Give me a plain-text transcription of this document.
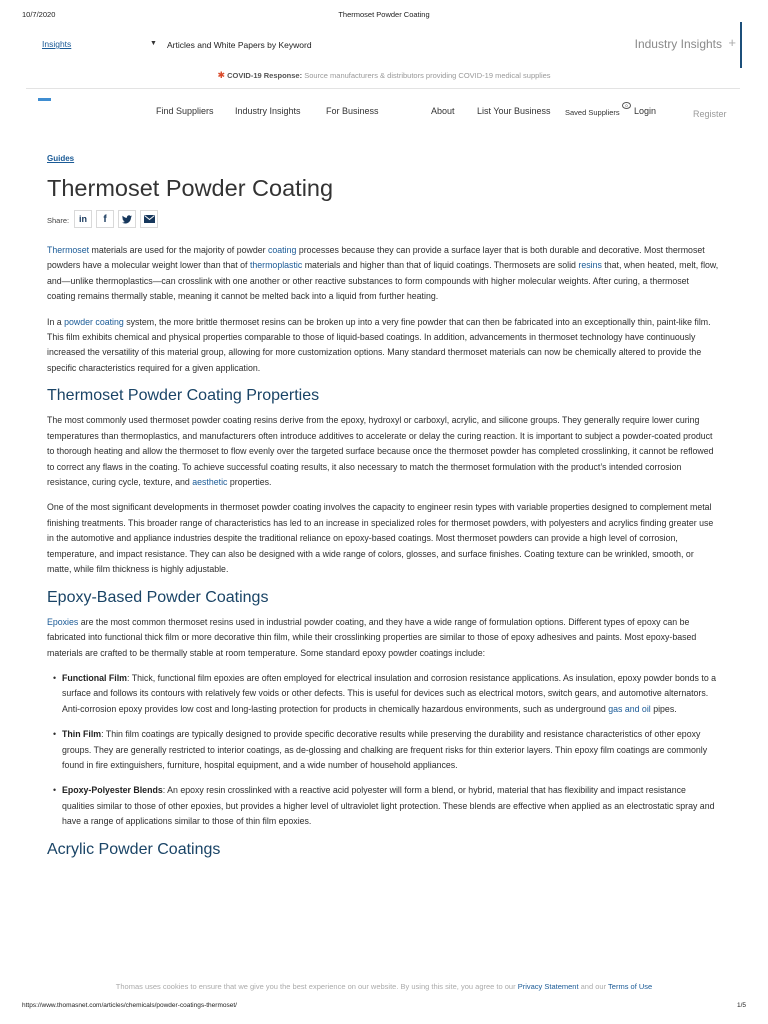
10/7/2020	Thermoset Powder Coating
Insights	▼ Articles and White Papers by Keyword	Industry Insights +
✱ COVID-19 Response: Source manufacturers & distributors providing COVID-19 medical supplies
Find Suppliers Industry Insights	For Business	About List Your Business Saved Suppliers
0
Login	Register
Guides
Thermoset Powder Coating
Share:	in	f

Thermoset materials are used for the majority of powder coating processes because they can provide a surface layer that is both durable and decorative. Most thermoset powders have a molecular weight lower than that of thermoplastic materials and higher than that of liquid coatings. Thermosets are solid resins that, when heated, melt, flow, and—unlike thermoplastics—can crosslink with one another or other reactive substances to form compounds with higher molecular weights. After curing, a thermoset coating remains thermally stable, meaning it cannot be melted back into a liquid from further heating.

In a powder coating system, the more brittle thermoset resins can be broken up into a very fine powder that can then be fabricated into an exceptionally thin, paint-like film. This film exhibits chemical and physical properties comparable to those of liquid-based coatings. In addition, advancements in thermoset technology have continuously increased the versatility of this material group, allowing for more customization options. Many standard thermoset materials can now be chemically altered to provide the specific characteristics required for a given application.

Thermoset Powder Coating Properties

The most commonly used thermoset powder coating resins derive from the epoxy, hydroxyl or carboxyl, acrylic, and silicone groups. They generally require lower curing temperatures than thermoplastics, and manufacturers often introduce additives to accelerate or delay the curing reaction. It is important to subject a powder-coated product to thorough heating and allow the thermoset to flow evenly over the targeted surface because once the thermoset powder has completed crosslinking, it cannot be reflowed to correct any flaws in the coating. To achieve successful coating results, it also necessary to match the thermoset formulation with the product’s intended corrosion resistance, curing cycle, texture, and aesthetic properties.

One of the most significant developments in thermoset powder coating involves the capacity to engineer resin types with variable properties designed to complement metal finishing treatments. This broader range of characteristics has led to an increase in specialized roles for thermoset powders, with polyesters and acrylics finding greater use in the automotive and appliance industries despite the traditional reliance on epoxy-based coatings. Most thermoset powders can provide a high level of corrosion, temperature, and impact resistance. They can also be designed with a wide range of colors, glosses, and surface finishes. Coating texture can be wrinkled, smooth, or matte, while film thickness is highly adjustable.

Epoxy-Based Powder Coatings

Epoxies are the most common thermoset resins used in industrial powder coating, and they have a wide range of formulation options. Different types of epoxy can be fabricated into functional thick film or more decorative thin film, while their crosslinking properties are similar to those of epoxy adhesives and paints. Most epoxy-based materials are crafted to be thermally stable at room temperature. Some standard epoxy powder coatings include:

• Functional Film: Thick, functional film epoxies are often employed for electrical insulation and corrosion resistance applications. As insulation, epoxy powder bonds to a surface and follows its contours with relatively few voids or other defects. This is useful for devices such as electrical motors, switch gears, and automotive alternators. Anti-corrosion epoxy provides low cost and long-lasting protection for products in chemically hazardous environments, such as underground gas and oil pipes.
• Thin Film: Thin film coatings are typically designed to provide specific decorative results while preserving the durability and resistance characteristics of other epoxy groups. They are generally restricted to interior coatings, as de-glossing and chalking are frequent risks for thin exterior layers. Thin epoxy film coatings are commonly found in fire extinguishers, furniture, hospital equipment, and a wide number of household appliances.
• Epoxy-Polyester Blends: An epoxy resin crosslinked with a reactive acid polyester will form a blend, or hybrid, material that has flexibility and impact resistance qualities similar to those of other epoxies, but provides a higher level of ultraviolet light protection. These blends are effective when applied as an electrostatic spray and have a range of applications similar to those of thin film epoxies.
Acrylic Powder Coatings
Thomas uses cookies to ensure that we give you the best experience on our website. By using this site, you agree to our Privacy Statement and our Terms of Use
https://www.thomasnet.com/articles/chemicals/powder-coatings-thermoset/	1/5
